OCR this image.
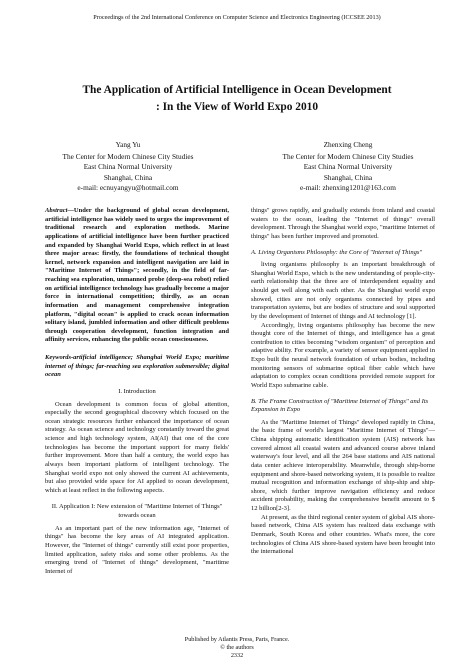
Proceedings of the 2nd International Conference on Computer Science and Electronics Engineering (ICCSEE 2013)
The Application of Artificial Intelligence in Ocean Development
: In the View of World Expo 2010
Yang Yu
The Center for Modern Chinese City Studies
East China Normal University
Shanghai, China
e-mail: ecnuyangyu@hotmail.com
Zhenxing Cheng
The Center for Modern Chinese City Studies
East China Normal University
Shanghai, China
e-mail: zhenxing1201@163.com

Abstract—Under the background of global ocean development, artificial intelligence has widely used to urges the improvement of traditional research and exploration methods. Marine applications of artificial intelligence have been further practiced and expanded by Shanghai World Expo, which reflect in at least three major areas: firstly, the foundations of technical thought kernel, network expansion and intelligent navigation are laid in "Maritime Internet of Things"; secondly, in the field of far-reaching sea exploration, unmanned probe (deep-sea robot) relied on artificial intelligence technology has gradually become a major force in international competition; thirdly, as an ocean information and management comprehensive integration platform, "digital ocean" is applied to crack ocean information solitary island, jumbled information and other difficult problems through cooperation development, function integration and affinity services, enhancing the public ocean consciousness.

Keywords-artificial intelligence; Shanghai World Expo; maritime internet of things; far-reaching sea exploration submersible; digital ocean

I. Introduction

Ocean development is common focus of global attention, especially the second geographical discovery which focused on the ocean strategic resources further enhanced the importance of ocean strategy. As ocean science and technology constantly toward the great science and high technology system, AI(AI) that one of the core technologies has become the important support for many fields' further improvement. More than half a century, the world expo has always been important platform of intelligent technology. The Shanghai world expo not only showed the current AI achievements, but also provided wide space for AI applied to ocean development, which at least reflect in the following aspects.

II. Application I: New extension of "Maritime Internet of Things" towards ocean

As an important part of the new information age, "Internet of things" has become the key areas of AI integrated application. However, the "Internet of things" currently still exist poor properties, limited application, safety risks and some other problems. As the emerging trend of "Internet of things" development, "maritime Internet of

things" grows rapidly, and gradually extends from inland and coastal waters to the ocean, leading the "Internet of things" overall development. Through the Shanghai world expo, "maritime Internet of things" has been further improved and promoted.

A. Living Organisms Philosophy: the Core of "Internet of Things"

living organisms philosophy is an important breakthrough of Shanghai World Expo, which is the new understanding of people-city-earth relationship that the three are of interdependent equality and should get well along with each other. As the Shanghai world expo showed, cities are not only organisms connected by pipes and transportation systems, but are bodies of structure and soul supported by the development of Internet of things and AI technology [1].

Accordingly, living organisms philosophy has become the new thought core of the Internet of things, and intelligence has a great contribution to cities becoming "wisdom organism" of perception and adaptive ability. For example, a variety of sensor equipment applied in Expo built the neural network foundation of urban bodies, including monitoring sensors of submarine optical fiber cable which have adaptation to complex ocean conditions provided remote support for World Expo submarine cable.

B. The Frame Construction of "Maritime Internet of Things" and Its Expansion in Expo

As the "Maritime Internet of Things" developed rapidly in China, the basic frame of world's largest "Maritime Internet of Things"—China shipping automatic identification system (AIS) network has covered almost all coastal waters and advanced course above inland waterway's four level, and all the 264 base stations and AIS national data center achieve interoperability. Meanwhile, through ship-borne equipment and shore-based networking system, it is possible to realize mutual recognition and information exchange of ship-ship and ship-shore, which further improve navigation efficiency and reduce accident probability, making the comprehensive benefit amount to $ 12 billion[2-3].

At present, as the third regional center system of global AIS shore-based network, China AIS system has realized data exchange with Denmark, South Korea and other countries. What's more, the core technologies of China AIS shore-based system have been brought into the international

Published by Atlantis Press, Paris, France.
© the authors
2332
